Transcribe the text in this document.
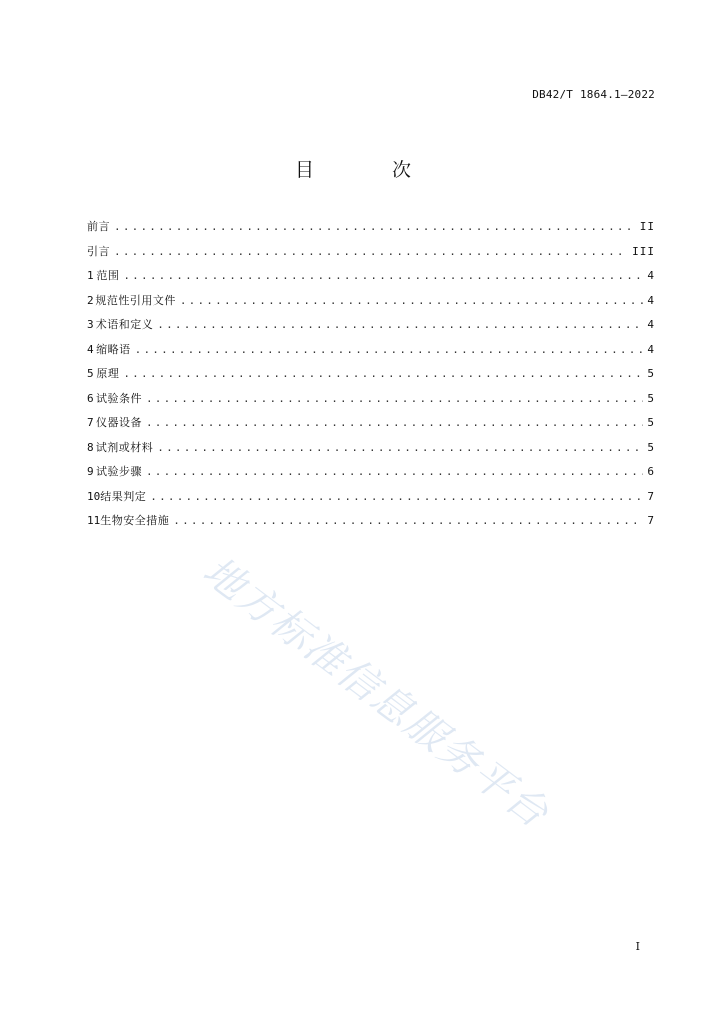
DB42/T 1864.1—2022
目 次
前言 .....	II
引言 .....	III
1 范围 .....	4
2 规范性引用文件 .....	4
3 术语和定义 .....	4
4 缩略语 .....	4
5 原理 .....	5
6 试验条件 .....	5
7 仪器设备 .....	5
8 试剂或材料 .....	5
9 试验步骤 .....	6
10 结果判定 .....	7
11 生物安全措施 .....	7
地方标准信息服务平台
I
